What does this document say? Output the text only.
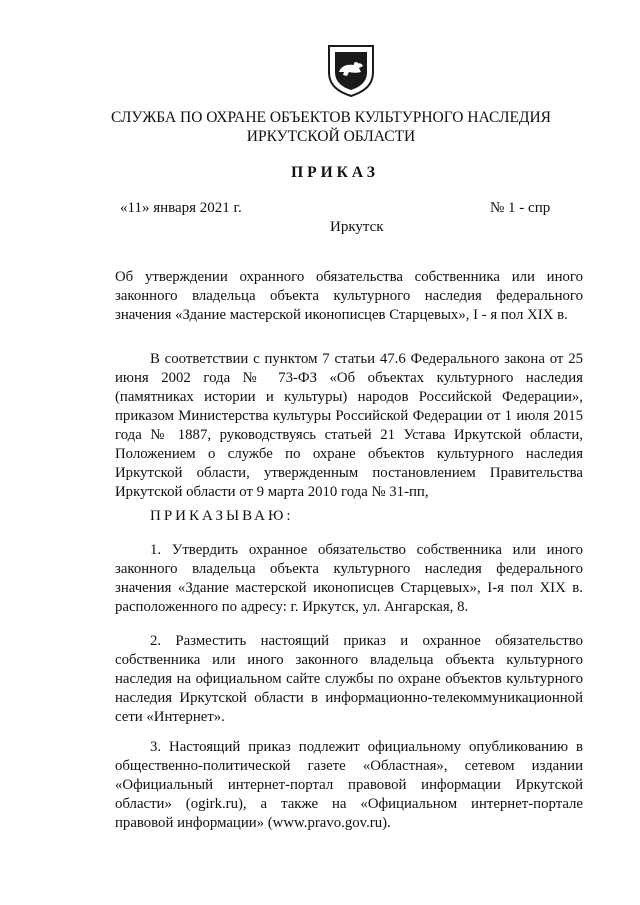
СЛУЖБА ПО ОХРАНЕ ОБЪЕКТОВ КУЛЬТУРНОГО НАСЛЕДИЯ
ИРКУТСКОЙ ОБЛАСТИ
ПРИКАЗ
«11» января 2021 г.	№ 1 - спр
Иркутск

Об утверждении охранного обязательства собственника или иного законного владельца объекта культурного наследия федерального значения «Здание мастерской иконописцев Старцевых», I - я пол XIX в.

В соответствии с пунктом 7 статьи 47.6 Федерального закона от 25 июня 2002 года № 73-ФЗ «Об объектах культурного наследия (памятниках истории и культуры) народов Российской Федерации», приказом Министерства культуры Российской Федерации от 1 июля 2015 года № 1887, руководствуясь статьей 21 Устава Иркутской области, Положением о службе по охране объектов культурного наследия Иркутской области, утвержденным постановлением Правительства Иркутской области от 9 марта 2010 года № 31-пп,

ПРИКАЗЫВАЮ:

1. Утвердить охранное обязательство собственника или иного законного владельца объекта культурного наследия федерального значения «Здание мастерской иконописцев Старцевых», I-я пол XIX в. расположенного по адресу: г. Иркутск, ул. Ангарская, 8.

2. Разместить настоящий приказ и охранное обязательство собственника или иного законного владельца объекта культурного наследия на официальном сайте службы по охране объектов культурного наследия Иркутской области в информационно-телекоммуникационной сети «Интернет».

3. Настоящий приказ подлежит официальному опубликованию в общественно-политической газете «Областная», сетевом издании «Официальный интернет-портал правовой информации Иркутской области» (ogirk.ru), а также на «Официальном интернет-портале правовой информации» (www.pravo.gov.ru).
